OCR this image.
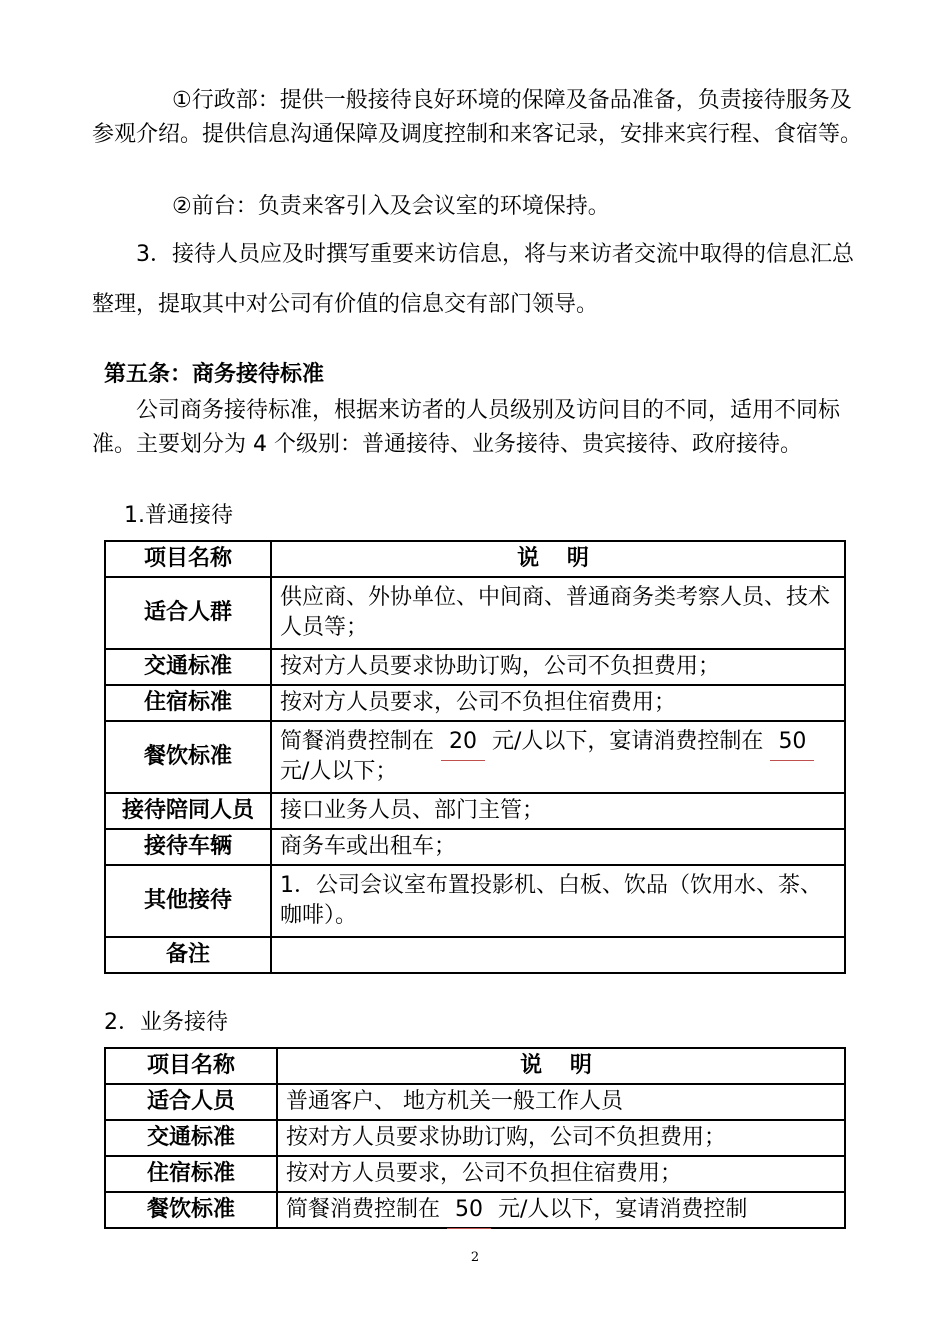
①行政部：提供一般接待良好环境的保障及备品准备，负责接待服务及参观介绍。提供信息沟通保障及调度控制和来客记录，安排来宾行程、食宿等。

②前台：负责来客引入及会议室的环境保持。

3．接待人员应及时撰写重要来访信息，将与来访者交流中取得的信息汇总整理，提取其中对公司有价值的信息交有部门领导。

第五条：商务接待标准

公司商务接待标准，根据来访者的人员级别及访问目的不同，适用不同标准。主要划分为 4 个级别：普通接待、业务接待、贵宾接待、政府接待。

1.普通接待

项目名称	说 明
适合人群	供应商、外协单位、中间商、普通商务类考察人员、技术人员等；
交通标准	按对方人员要求协助订购，公司不负担费用；
住宿标准	按对方人员要求，公司不负担住宿费用；
餐饮标准	简餐消费控制在 20 元/人以下，宴请消费控制在 50 元/人以下；
接待陪同人员	接口业务人员、部门主管；
接待车辆	商务车或出租车；
其他接待	1．公司会议室布置投影机、白板、饮品（饮用水、茶、咖啡）。
备注	

2．业务接待

项目名称	说 明
适合人员	普通客户、 地方机关一般工作人员
交通标准	按对方人员要求协助订购，公司不负担费用；
住宿标准	按对方人员要求，公司不负担住宿费用；
餐饮标准	简餐消费控制在 50 元/人以下，宴请消费控制
2
